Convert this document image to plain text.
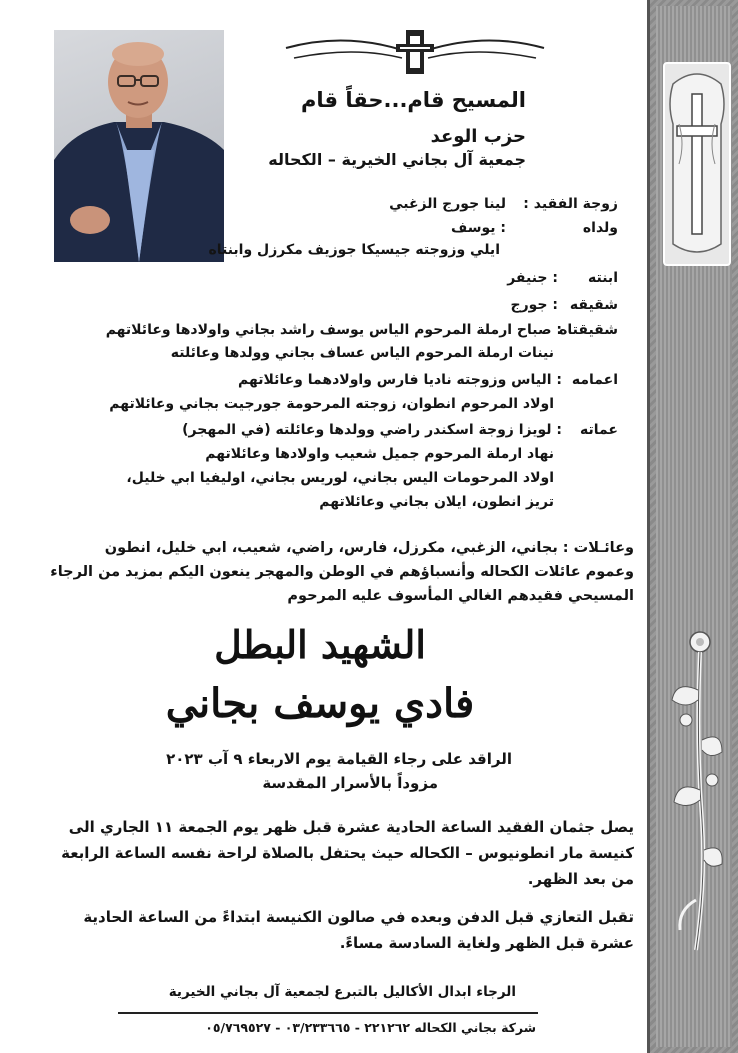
المسيح قام...حقاً قام
حزب الوعد
جمعية آل بجاني الخيرية – الكحاله
زوجة الفقيد :
لينا جورج الزغبي
ولداه
: يوسف
ايلي وزوجته جيسيكا جوزيف مكرزل وابنتاه
ابنته
: جنيفر
شقيقه
: جورج
شقيقتاه
: صباح ارملة المرحوم الياس يوسف راشد بجاني واولادها وعائلاتهم
نينات ارملة المرحوم الياس عساف بجاني وولدها وعائلته
اعمامه
: الياس وزوجته ناديا فارس واولادهما وعائلاتهم
اولاد المرحوم انطوان، زوجته المرحومة جورجيت بجاني وعائلاتهم
عماته
: لويزا زوجة اسكندر راضي وولدها وعائلته (في المهجر)
نهاد ارملة المرحوم جميل شعيب واولادها وعائلاتهم
اولاد المرحومات اليس بجاني، لوريس بجاني، اوليفيا ابي خليل،
تريز انطون، ايلان بجاني وعائلاتهم
وعائـلات : بجاني، الزغبي، مكرزل، فارس، راضي، شعيب، ابي خليل، انطون
وعموم عائلات الكحاله وأنسباؤهم في الوطن والمهجر ينعون اليكم بمزيد من الرجاء
المسيحي فقيدهم الغالي المأسوف عليه المرحوم
الشهيد البطل
فادي يوسف بجاني
الراقد على رجاء القيامة يوم الاربعاء ٩ آب ٢٠٢٣
مزوداً بالأسرار المقدسة
يصل جثمان الفقيد الساعة الحادية عشرة قبل ظهر يوم الجمعة ١١ الجاري الى
كنيسة مار انطونيوس – الكحاله حيث يحتفل بالصلاة لراحة نفسه الساعة الرابعة
من بعد الظهر.
تقبل التعازي قبل الدفن وبعده في صالون الكنيسة ابتداءً من الساعة الحادية
عشرة قبل الظهر ولغاية السادسة مساءً.
الرجاء ابدال الأكاليل بالتبرع لجمعية آل بجاني الخيرية
شركة بجاني الكحاله ٢٢١٢٦٢ - ٠٣/٢٣٣٦٦٥ - ٠٥/٧٦٩٥٢٧
